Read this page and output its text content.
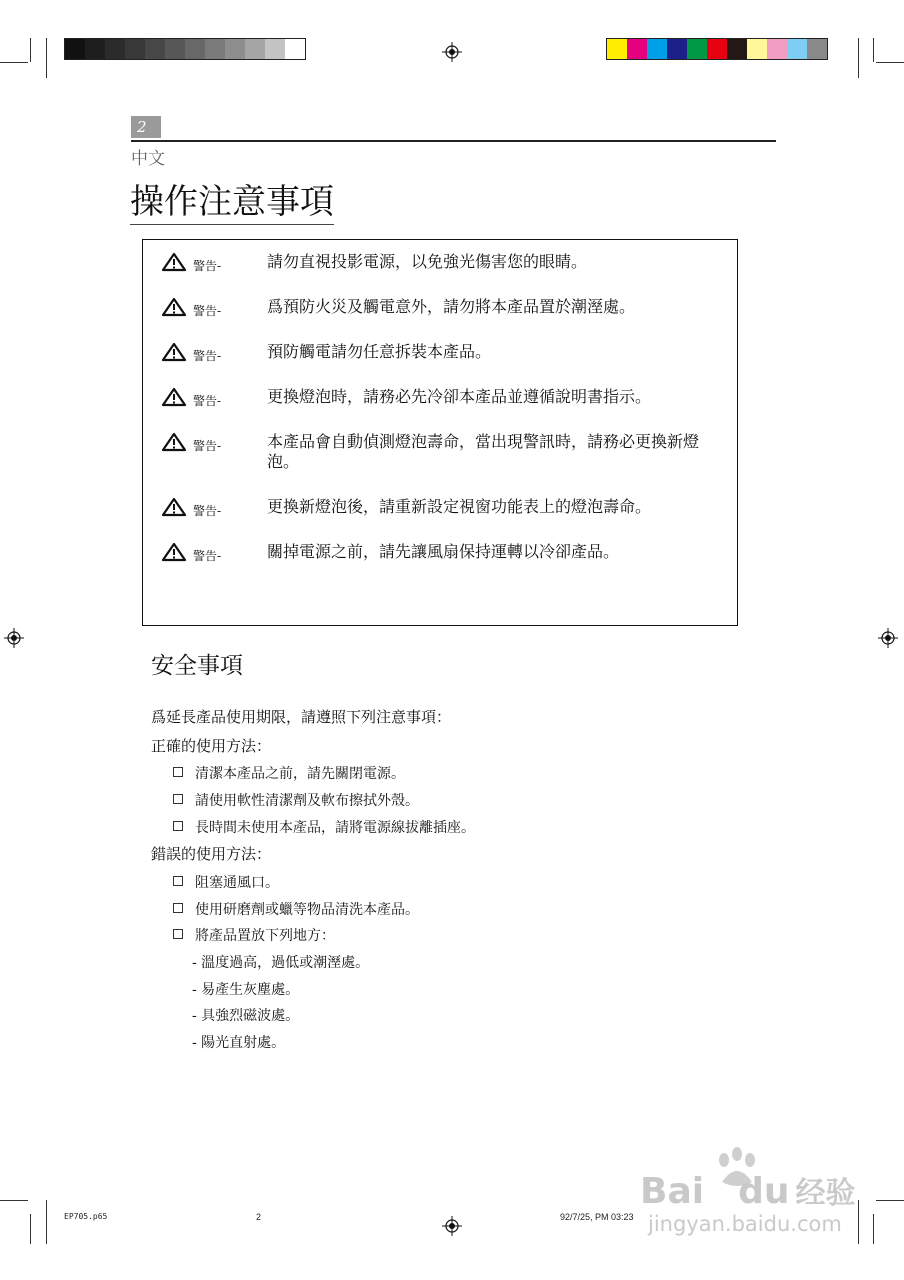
2
中文
操作注意事項
警告-	請勿直視投影電源，以免強光傷害您的眼睛。
警告-	爲預防火災及觸電意外，請勿將本產品置於潮溼處。
警告-	預防觸電請勿任意拆裝本產品。
警告-	更換燈泡時，請務必先冷卻本產品並遵循說明書指示。
警告-	本產品會自動偵測燈泡壽命，當出現警訊時，請務必更換新燈泡。
警告-	更換新燈泡後，請重新設定視窗功能表上的燈泡壽命。
警告-	關掉電源之前，請先讓風扇保持運轉以冷卻產品。
安全事項
爲延長產品使用期限，請遵照下列注意事項：
正確的使用方法：
清潔本產品之前，請先關閉電源。
請使用軟性清潔劑及軟布擦拭外殼。
長時間未使用本產品，請將電源線拔離插座。
錯誤的使用方法：
阻塞通風口。
使用研磨劑或蠟等物品清洗本產品。
將產品置放下列地方：
- 溫度過高，過低或潮溼處。
- 易產生灰塵處。
- 具強烈磁波處。
- 陽光直射處。
EP705.p65	2	92/7/25, PM 03:23
Bai du 经验
jingyan.baidu.com
